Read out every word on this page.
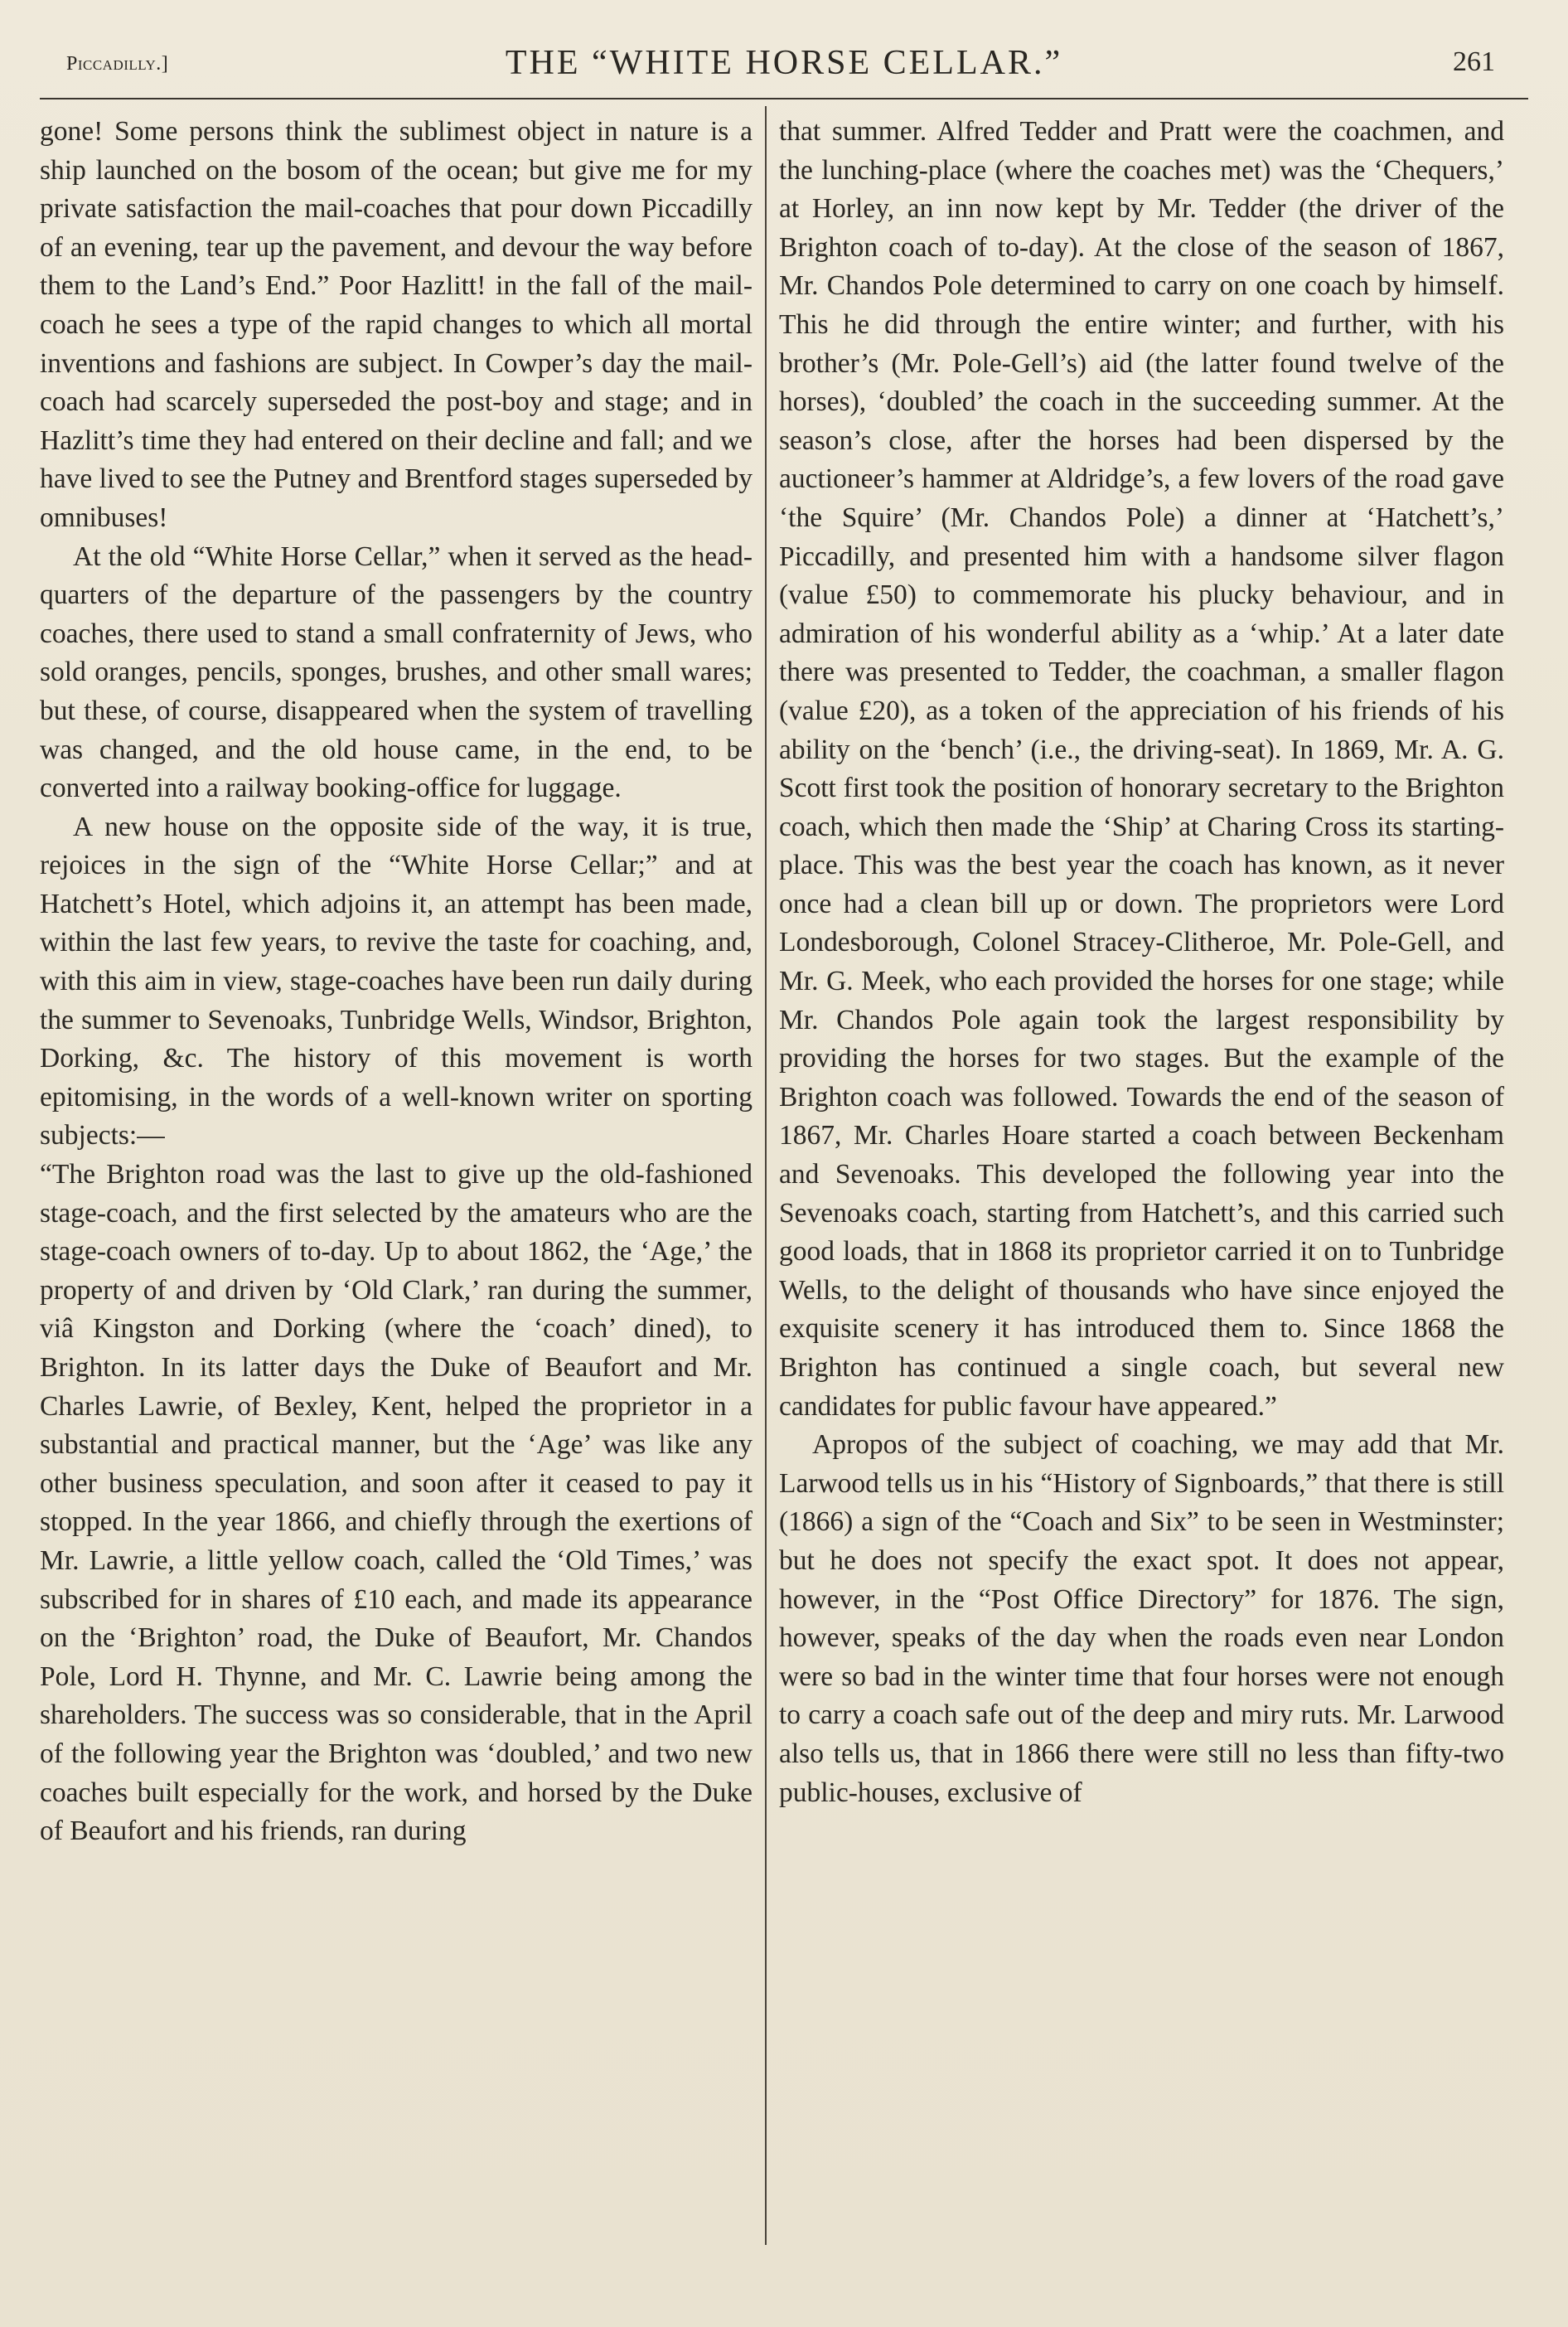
Piccadilly.]	THE “WHITE HORSE CELLAR.”	261

gone! Some persons think the sublimest object in nature is a ship launched on the bosom of the ocean; but give me for my private satisfaction the mail-coaches that pour down Piccadilly of an evening, tear up the pavement, and devour the way before them to the Land’s End.” Poor Hazlitt! in the fall of the mail-coach he sees a type of the rapid changes to which all mortal inventions and fashions are subject. In Cowper’s day the mail-coach had scarcely superseded the post-boy and stage; and in Hazlitt’s time they had entered on their decline and fall; and we have lived to see the Putney and Brentford stages superseded by omnibuses!

At the old “White Horse Cellar,” when it served as the head-quarters of the departure of the passengers by the country coaches, there used to stand a small confraternity of Jews, who sold oranges, pencils, sponges, brushes, and other small wares; but these, of course, disappeared when the system of travelling was changed, and the old house came, in the end, to be converted into a railway booking-office for luggage.

A new house on the opposite side of the way, it is true, rejoices in the sign of the “White Horse Cellar;” and at Hatchett’s Hotel, which adjoins it, an attempt has been made, within the last few years, to revive the taste for coaching, and, with this aim in view, stage-coaches have been run daily during the summer to Sevenoaks, Tunbridge Wells, Windsor, Brighton, Dorking, &c. The history of this movement is worth epitomising, in the words of a well-known writer on sporting subjects:—

“The Brighton road was the last to give up the old-fashioned stage-coach, and the first selected by the amateurs who are the stage-coach owners of to-day. Up to about 1862, the ‘Age,’ the property of and driven by ‘Old Clark,’ ran during the summer, viâ Kingston and Dorking (where the ‘coach’ dined), to Brighton. In its latter days the Duke of Beaufort and Mr. Charles Lawrie, of Bexley, Kent, helped the proprietor in a substantial and practical manner, but the ‘Age’ was like any other business speculation, and soon after it ceased to pay it stopped. In the year 1866, and chiefly through the exertions of Mr. Lawrie, a little yellow coach, called the ‘Old Times,’ was subscribed for in shares of £10 each, and made its appearance on the ‘Brighton’ road, the Duke of Beaufort, Mr. Chandos Pole, Lord H. Thynne, and Mr. C. Lawrie being among the shareholders. The success was so considerable, that in the April of the following year the Brighton was ‘doubled,’ and two new coaches built especially for the work, and horsed by the Duke of Beaufort and his friends, ran during

that summer. Alfred Tedder and Pratt were the coachmen, and the lunching-place (where the coaches met) was the ‘Chequers,’ at Horley, an inn now kept by Mr. Tedder (the driver of the Brighton coach of to-day). At the close of the season of 1867, Mr. Chandos Pole determined to carry on one coach by himself. This he did through the entire winter; and further, with his brother’s (Mr. Pole-Gell’s) aid (the latter found twelve of the horses), ‘doubled’ the coach in the succeeding summer. At the season’s close, after the horses had been dispersed by the auctioneer’s hammer at Aldridge’s, a few lovers of the road gave ‘the Squire’ (Mr. Chandos Pole) a dinner at ‘Hatchett’s,’ Piccadilly, and presented him with a handsome silver flagon (value £50) to commemorate his plucky behaviour, and in admiration of his wonderful ability as a ‘whip.’ At a later date there was presented to Tedder, the coachman, a smaller flagon (value £20), as a token of the appreciation of his friends of his ability on the ‘bench’ (i.e., the driving-seat). In 1869, Mr. A. G. Scott first took the position of honorary secretary to the Brighton coach, which then made the ‘Ship’ at Charing Cross its starting-place. This was the best year the coach has known, as it never once had a clean bill up or down. The proprietors were Lord Londesborough, Colonel Stracey-Clitheroe, Mr. Pole-Gell, and Mr. G. Meek, who each provided the horses for one stage; while Mr. Chandos Pole again took the largest responsibility by providing the horses for two stages. But the example of the Brighton coach was followed. Towards the end of the season of 1867, Mr. Charles Hoare started a coach between Beckenham and Sevenoaks. This developed the following year into the Sevenoaks coach, starting from Hatchett’s, and this carried such good loads, that in 1868 its proprietor carried it on to Tunbridge Wells, to the delight of thousands who have since enjoyed the exquisite scenery it has introduced them to. Since 1868 the Brighton has continued a single coach, but several new candidates for public favour have appeared.”

Apropos of the subject of coaching, we may add that Mr. Larwood tells us in his “History of Signboards,” that there is still (1866) a sign of the “Coach and Six” to be seen in Westminster; but he does not specify the exact spot. It does not appear, however, in the “Post Office Directory” for 1876. The sign, however, speaks of the day when the roads even near London were so bad in the winter time that four horses were not enough to carry a coach safe out of the deep and miry ruts. Mr. Larwood also tells us, that in 1866 there were still no less than fifty-two public-houses, exclusive of
